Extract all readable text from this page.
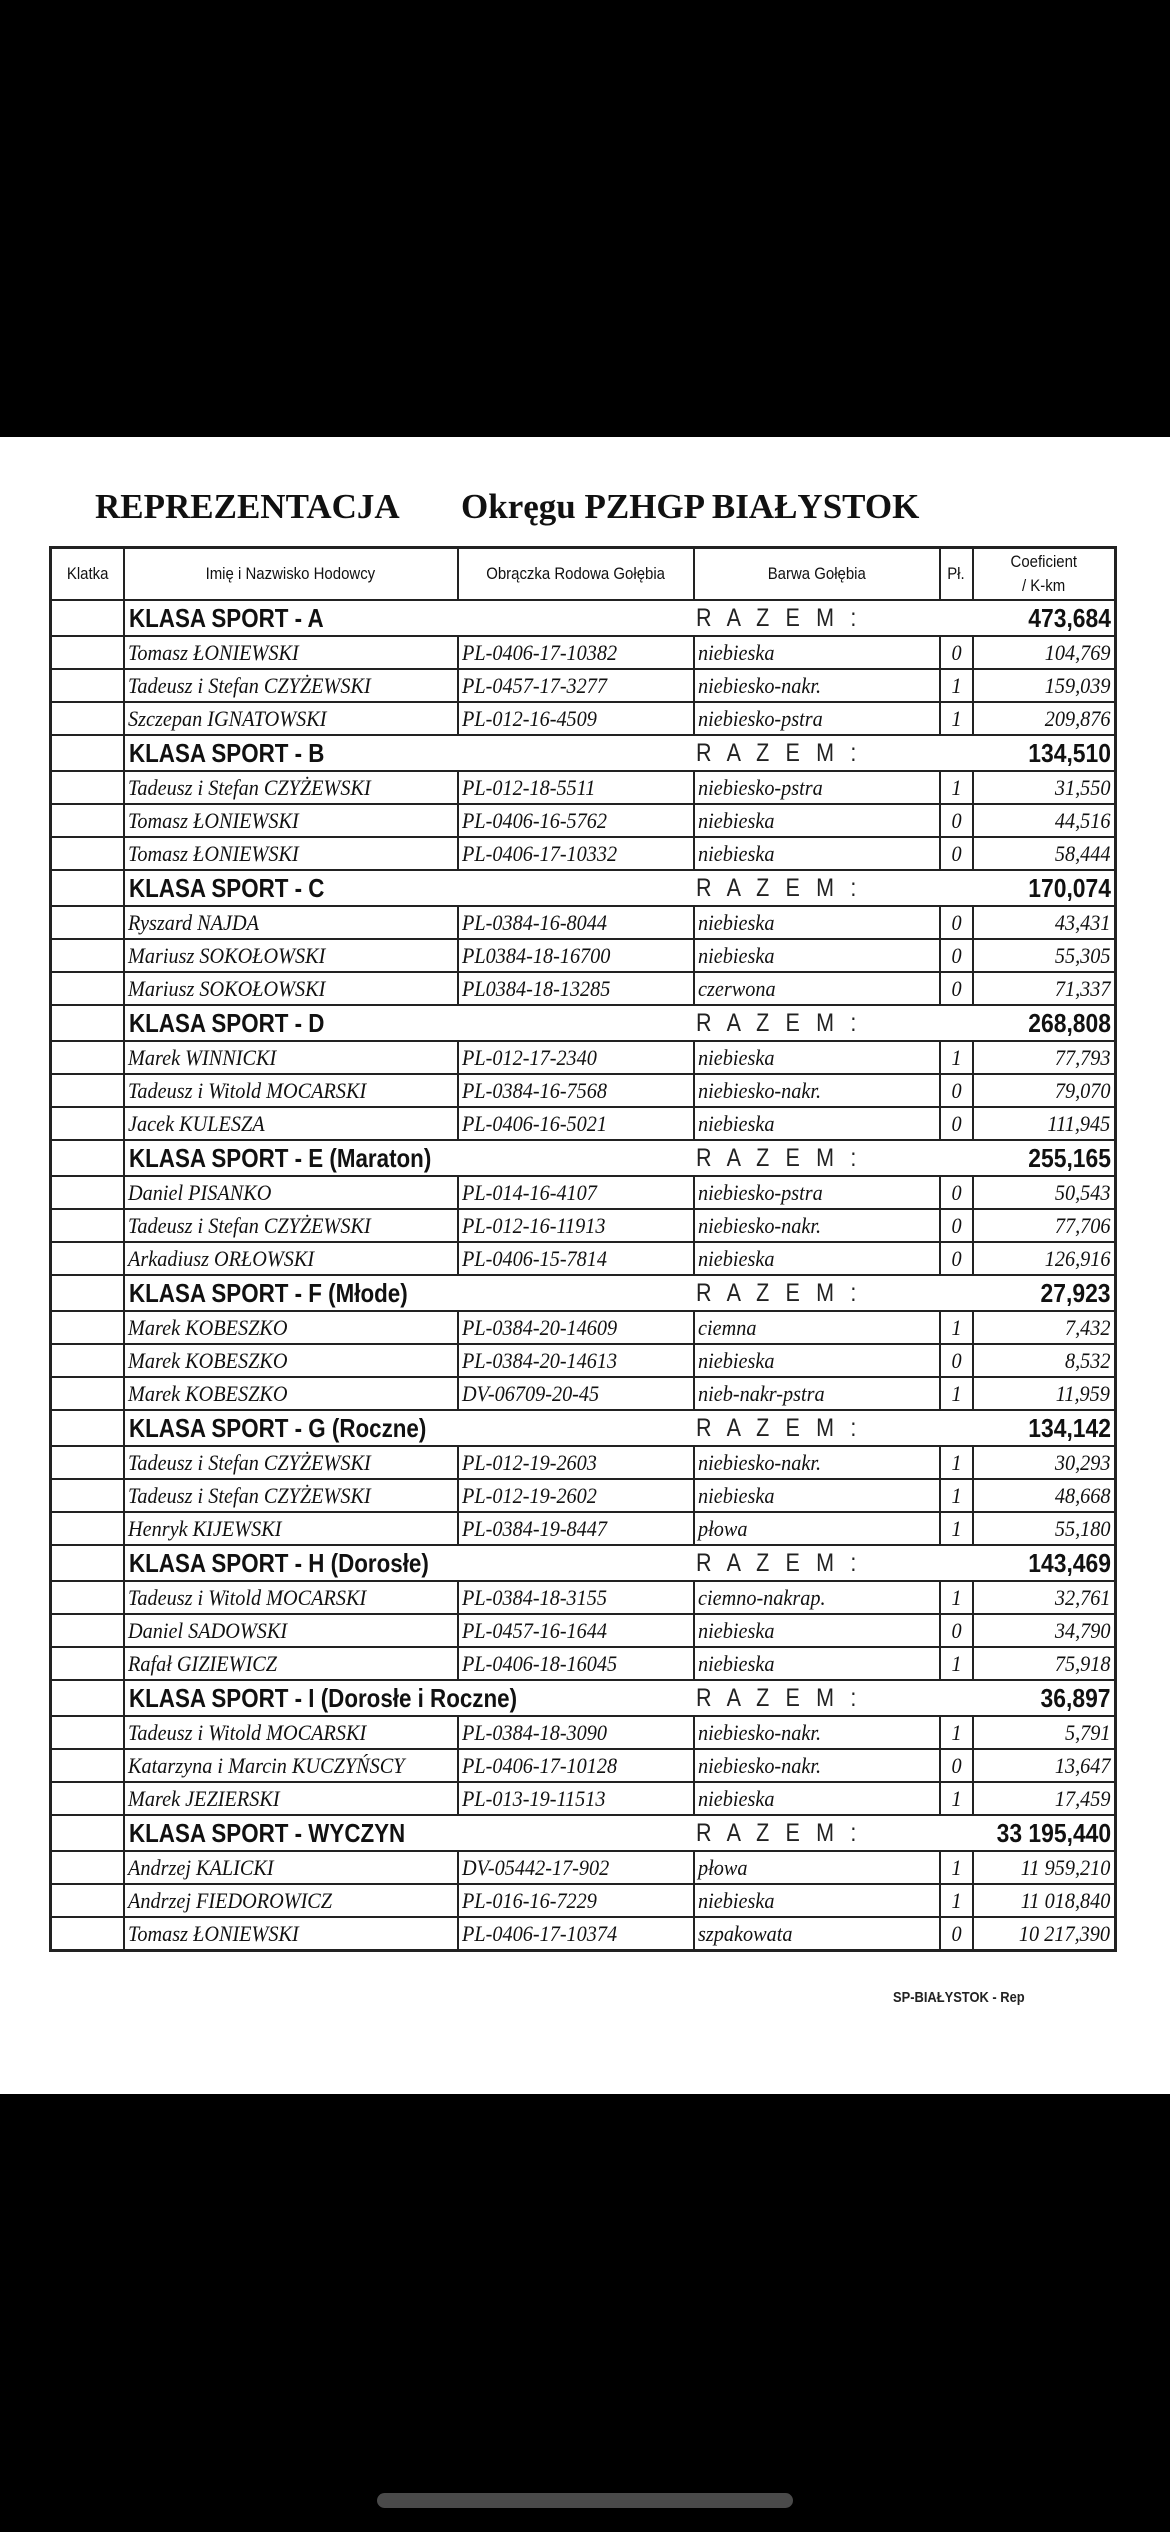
REPREZENTACJA Okręgu PZHGP BIAŁYSTOK
Klatka	Imię i Nazwisko Hodowcy	Obrączka Rodowa Gołębia	Barwa Gołębia	Pł.	Coeficient
/ K-km
	KLASA SPORT - A		R A Z E M :		473,684
	Tomasz ŁONIEWSKI	PL-0406-17-10382	niebieska	0	104,769
	Tadeusz i Stefan CZYŻEWSKI	PL-0457-17-3277	niebiesko-nakr.	1	159,039
	Szczepan IGNATOWSKI	PL-012-16-4509	niebiesko-pstra	1	209,876
	KLASA SPORT - B		R A Z E M :		134,510
	Tadeusz i Stefan CZYŻEWSKI	PL-012-18-5511	niebiesko-pstra	1	31,550
	Tomasz ŁONIEWSKI	PL-0406-16-5762	niebieska	0	44,516
	Tomasz ŁONIEWSKI	PL-0406-17-10332	niebieska	0	58,444
	KLASA SPORT - C		R A Z E M :		170,074
	Ryszard NAJDA	PL-0384-16-8044	niebieska	0	43,431
	Mariusz SOKOŁOWSKI	PL0384-18-16700	niebieska	0	55,305
	Mariusz SOKOŁOWSKI	PL0384-18-13285	czerwona	0	71,337
	KLASA SPORT - D		R A Z E M :		268,808
	Marek WINNICKI	PL-012-17-2340	niebieska	1	77,793
	Tadeusz i Witold MOCARSKI	PL-0384-16-7568	niebiesko-nakr.	0	79,070
	Jacek KULESZA	PL-0406-16-5021	niebieska	0	111,945
	KLASA SPORT - E (Maraton)		R A Z E M :		255,165
	Daniel PISANKO	PL-014-16-4107	niebiesko-pstra	0	50,543
	Tadeusz i Stefan CZYŻEWSKI	PL-012-16-11913	niebiesko-nakr.	0	77,706
	Arkadiusz ORŁOWSKI	PL-0406-15-7814	niebieska	0	126,916
	KLASA SPORT - F (Młode)		R A Z E M :		27,923
	Marek KOBESZKO	PL-0384-20-14609	ciemna	1	7,432
	Marek KOBESZKO	PL-0384-20-14613	niebieska	0	8,532
	Marek KOBESZKO	DV-06709-20-45	nieb-nakr-pstra	1	11,959
	KLASA SPORT - G (Roczne)		R A Z E M :		134,142
	Tadeusz i Stefan CZYŻEWSKI	PL-012-19-2603	niebiesko-nakr.	1	30,293
	Tadeusz i Stefan CZYŻEWSKI	PL-012-19-2602	niebieska	1	48,668
	Henryk KIJEWSKI	PL-0384-19-8447	płowa	1	55,180
	KLASA SPORT - H (Dorosłe)		R A Z E M :		143,469
	Tadeusz i Witold MOCARSKI	PL-0384-18-3155	ciemno-nakrap.	1	32,761
	Daniel SADOWSKI	PL-0457-16-1644	niebieska	0	34,790
	Rafał GIZIEWICZ	PL-0406-18-16045	niebieska	1	75,918
	KLASA SPORT - I (Dorosłe i Roczne)		R A Z E M :		36,897
	Tadeusz i Witold MOCARSKI	PL-0384-18-3090	niebiesko-nakr.	1	5,791
	Katarzyna i Marcin KUCZYŃSCY	PL-0406-17-10128	niebiesko-nakr.	0	13,647
	Marek JEZIERSKI	PL-013-19-11513	niebieska	1	17,459
	KLASA SPORT - WYCZYN		R A Z E M :		33 195,440
	Andrzej KALICKI	DV-05442-17-902	płowa	1	11 959,210
	Andrzej FIEDOROWICZ	PL-016-16-7229	niebieska	1	11 018,840
	Tomasz ŁONIEWSKI	PL-0406-17-10374	szpakowata	0	10 217,390
SP-BIAŁYSTOK - Rep
